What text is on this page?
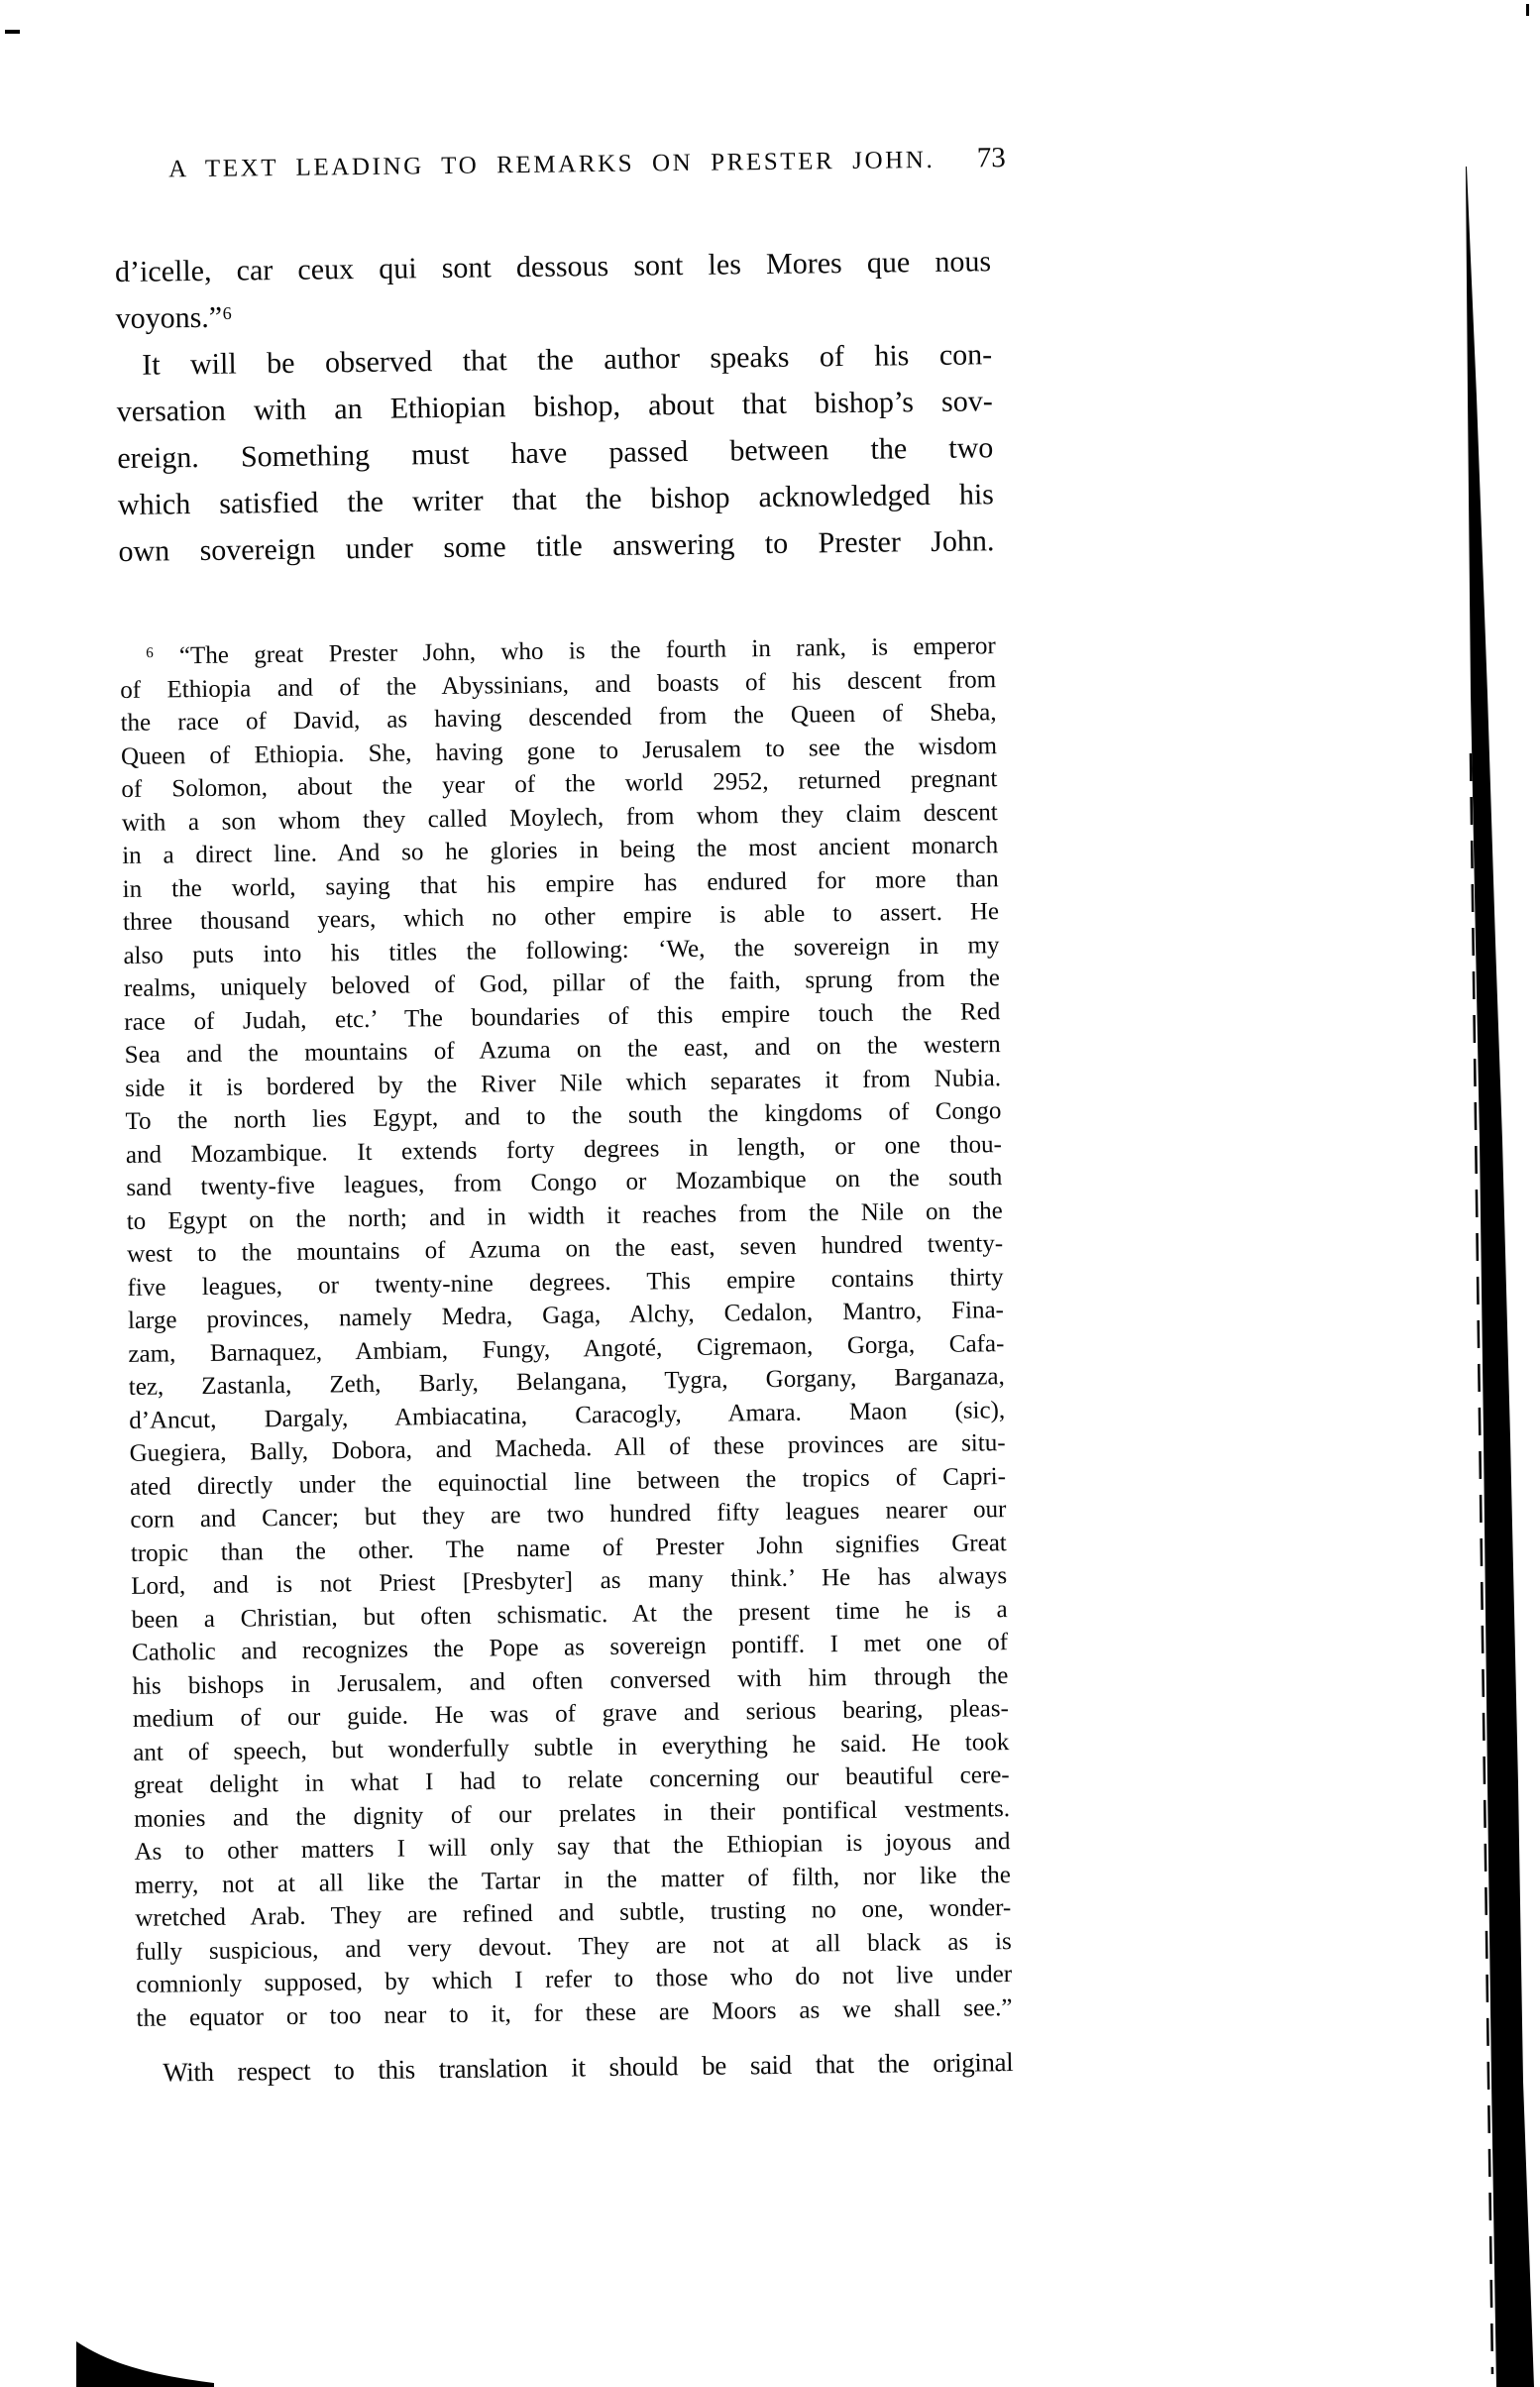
A TEXT LEADING TO REMARKS ON PRESTER JOHN. 73
d’icelle, car ceux qui sont dessous sont les Mores que nous
voyons.”⁶
It will be observed that the author speaks of his con-
versation with an Ethiopian bishop, about that bishop’s sov-
ereign. Something must have passed between the two
which satisfied the writer that the bishop acknowledged his
own sovereign under some title answering to Prester John.
⁶ “The great Prester John, who is the fourth in rank, is emperor
of Ethiopia and of the Abyssinians, and boasts of his descent from
the race of David, as having descended from the Queen of Sheba,
Queen of Ethiopia. She, having gone to Jerusalem to see the wisdom
of Solomon, about the year of the world 2952, returned pregnant
with a son whom they called Moylech, from whom they claim descent
in a direct line. And so he glories in being the most ancient monarch
in the world, saying that his empire has endured for more than
three thousand years, which no other empire is able to assert. He
also puts into his titles the following: ‘We, the sovereign in my
realms, uniquely beloved of God, pillar of the faith, sprung from the
race of Judah, etc.’ The boundaries of this empire touch the Red
Sea and the mountains of Azuma on the east, and on the western
side it is bordered by the River Nile which separates it from Nubia.
To the north lies Egypt, and to the south the kingdoms of Congo
and Mozambique. It extends forty degrees in length, or one thou-
sand twenty-five leagues, from Congo or Mozambique on the south
to Egypt on the north; and in width it reaches from the Nile on the
west to the mountains of Azuma on the east, seven hundred twenty-
five leagues, or twenty-nine degrees. This empire contains thirty
large provinces, namely Medra, Gaga, Alchy, Cedalon, Mantro, Fina-
zam, Barnaquez, Ambiam, Fungy, Angoté, Cigremaon, Gorga, Cafa-
tez, Zastanla, Zeth, Barly, Belangana, Tygra, Gorgany, Barganaza,
d’Ancut, Dargaly, Ambiacatina, Caracogly, Amara. Maon (sic),
Guegiera, Bally, Dobora, and Macheda. All of these provinces are situ-
ated directly under the equinoctial line between the tropics of Capri-
corn and Cancer; but they are two hundred fifty leagues nearer our
tropic than the other. The name of Prester John signifies Great
Lord, and is not Priest [Presbyter] as many think.’ He has always
been a Christian, but often schismatic. At the present time he is a
Catholic and recognizes the Pope as sovereign pontiff. I met one of
his bishops in Jerusalem, and often conversed with him through the
medium of our guide. He was of grave and serious bearing, pleas-
ant of speech, but wonderfully subtle in everything he said. He took
great delight in what I had to relate concerning our beautiful cere-
monies and the dignity of our prelates in their pontifical vestments.
As to other matters I will only say that the Ethiopian is joyous and
merry, not at all like the Tartar in the matter of filth, nor like the
wretched Arab. They are refined and subtle, trusting no one, wonder-
fully suspicious, and very devout. They are not at all black as is
comnionly supposed, by which I refer to those who do not live under
the equator or too near to it, for these are Moors as we shall see.”
With respect to this translation it should be said that the original
